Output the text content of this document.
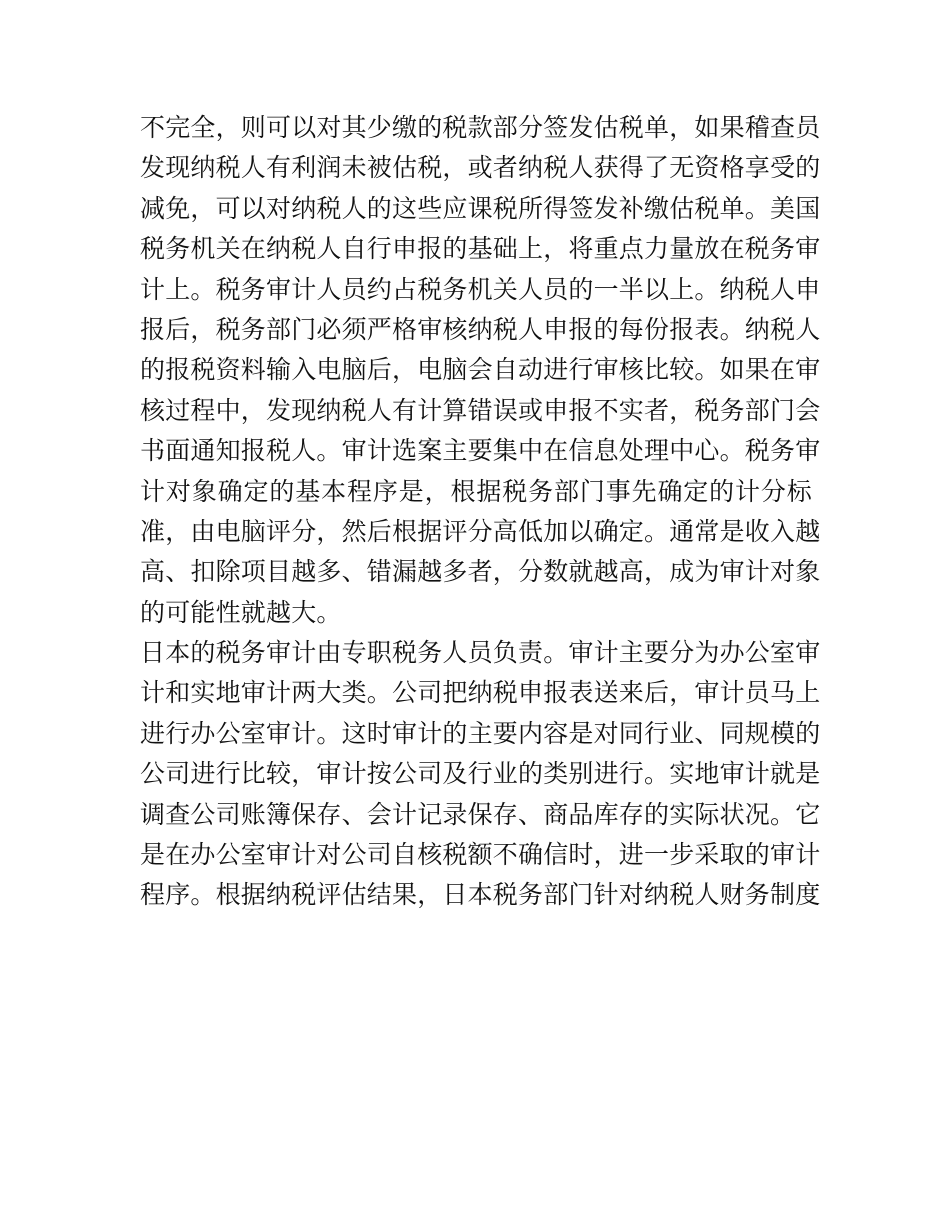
不完全，则可以对其少缴的税款部分签发估税单，如果稽查员
发现纳税人有利润未被估税，或者纳税人获得了无资格享受的
减免，可以对纳税人的这些应课税所得签发补缴估税单。美国
税务机关在纳税人自行申报的基础上，将重点力量放在税务审
计上。税务审计人员约占税务机关人员的一半以上。纳税人申
报后，税务部门必须严格审核纳税人申报的每份报表。纳税人
的报税资料输入电脑后，电脑会自动进行审核比较。如果在审
核过程中，发现纳税人有计算错误或申报不实者，税务部门会
书面通知报税人。审计选案主要集中在信息处理中心。税务审
计对象确定的基本程序是，根据税务部门事先确定的计分标
准，由电脑评分，然后根据评分高低加以确定。通常是收入越
高、扣除项目越多、错漏越多者，分数就越高，成为审计对象
的可能性就越大。
日本的税务审计由专职税务人员负责。审计主要分为办公室审
计和实地审计两大类。公司把纳税申报表送来后，审计员马上
进行办公室审计。这时审计的主要内容是对同行业、同规模的
公司进行比较，审计按公司及行业的类别进行。实地审计就是
调查公司账簿保存、会计记录保存、商品库存的实际状况。它
是在办公室审计对公司自核税额不确信时，进一步采取的审计
程序。根据纳税评估结果，日本税务部门针对纳税人财务制度
